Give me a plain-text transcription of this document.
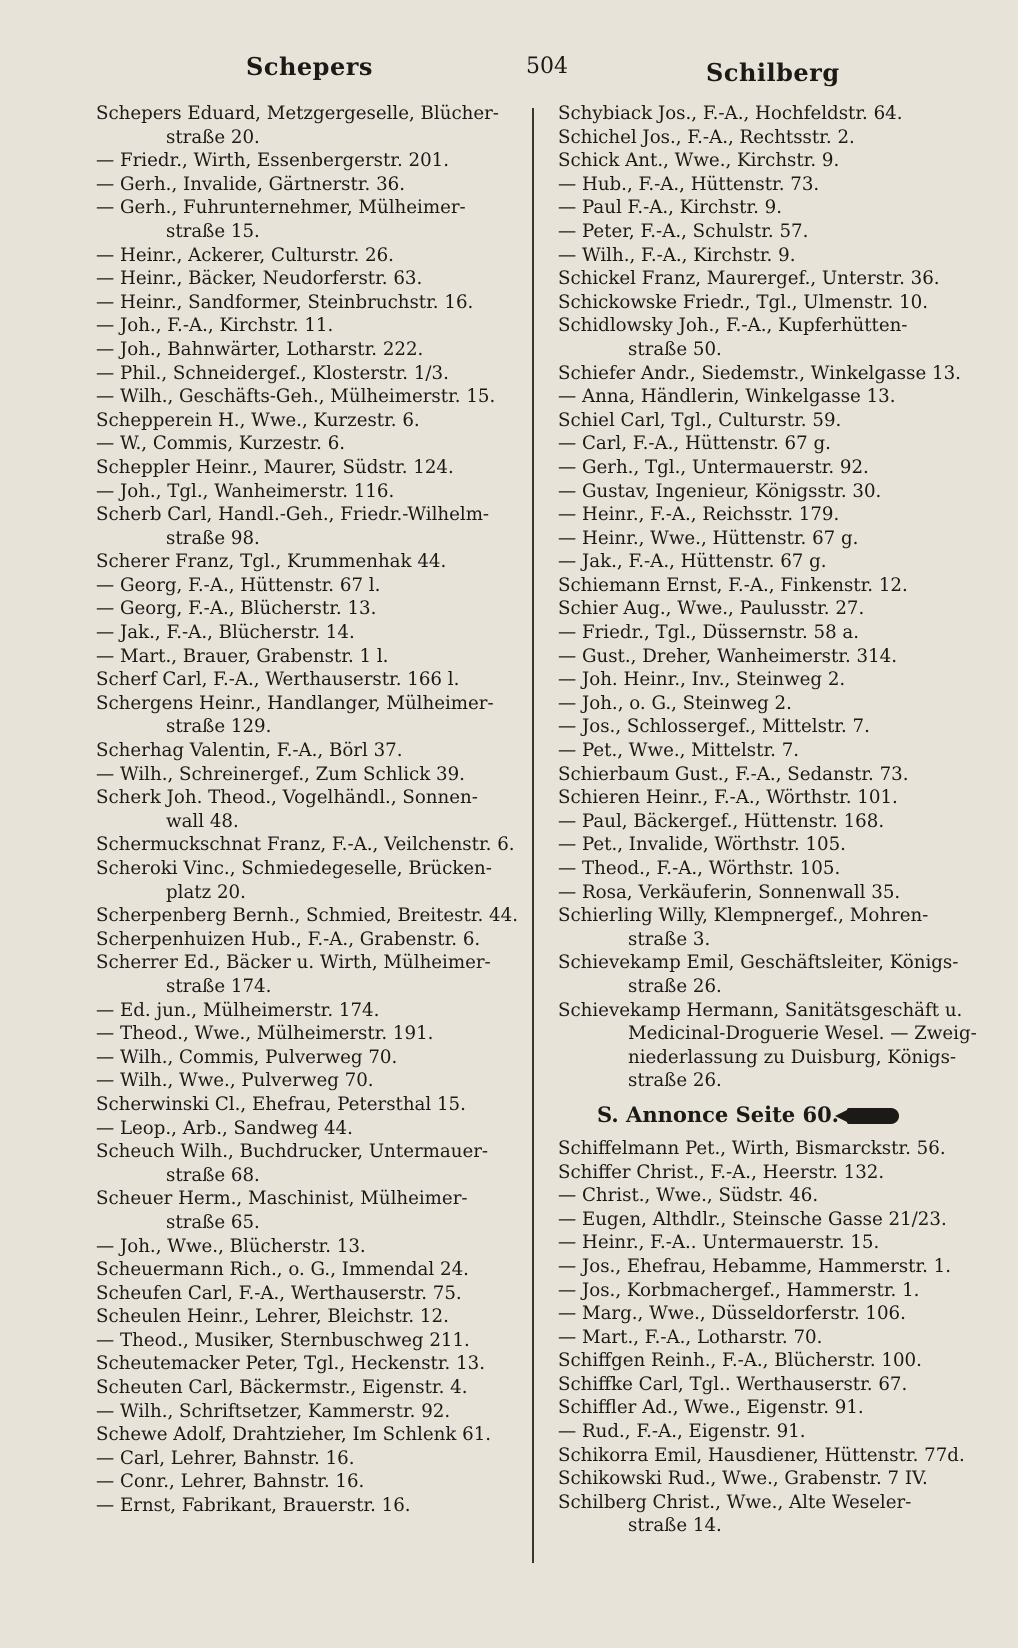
Schepers	504	Schilberg
Schepers Eduard, Metzgergeselle, Blücher-
straße 20.
— Friedr., Wirth, Essenbergerstr. 201.
— Gerh., Invalide, Gärtnerstr. 36.
— Gerh., Fuhrunternehmer, Mülheimer-
straße 15.
— Heinr., Ackerer, Culturstr. 26.
— Heinr., Bäcker, Neudorferstr. 63.
— Heinr., Sandformer, Steinbruchstr. 16.
— Joh., F.-A., Kirchstr. 11.
— Joh., Bahnwärter, Lotharstr. 222.
— Phil., Schneidergef., Klosterstr. 1/3.
— Wilh., Geschäfts-Geh., Mülheimerstr. 15.
Schepperein H., Wwe., Kurzestr. 6.
— W., Commis, Kurzestr. 6.
Scheppler Heinr., Maurer, Südstr. 124.
— Joh., Tgl., Wanheimerstr. 116.
Scherb Carl, Handl.-Geh., Friedr.-Wilhelm-
straße 98.
Scherer Franz, Tgl., Krummenhak 44.
— Georg, F.-A., Hüttenstr. 67 l.
— Georg, F.-A., Blücherstr. 13.
— Jak., F.-A., Blücherstr. 14.
— Mart., Brauer, Grabenstr. 1 l.
Scherf Carl, F.-A., Werthauserstr. 166 l.
Schergens Heinr., Handlanger, Mülheimer-
straße 129.
Scherhag Valentin, F.-A., Börl 37.
— Wilh., Schreinergef., Zum Schlick 39.
Scherk Joh. Theod., Vogelhändl., Sonnen-
wall 48.
Schermuckschnat Franz, F.-A., Veilchenstr. 6.
Scheroki Vinc., Schmiedegeselle, Brücken-
platz 20.
Scherpenberg Bernh., Schmied, Breitestr. 44.
Scherpenhuizen Hub., F.-A., Grabenstr. 6.
Scherrer Ed., Bäcker u. Wirth, Mülheimer-
straße 174.
— Ed. jun., Mülheimerstr. 174.
— Theod., Wwe., Mülheimerstr. 191.
— Wilh., Commis, Pulverweg 70.
— Wilh., Wwe., Pulverweg 70.
Scherwinski Cl., Ehefrau, Petersthal 15.
— Leop., Arb., Sandweg 44.
Scheuch Wilh., Buchdrucker, Untermauer-
straße 68.
Scheuer Herm., Maschinist, Mülheimer-
straße 65.
— Joh., Wwe., Blücherstr. 13.
Scheuermann Rich., o. G., Immendal 24.
Scheufen Carl, F.-A., Werthauserstr. 75.
Scheulen Heinr., Lehrer, Bleichstr. 12.
— Theod., Musiker, Sternbuschweg 211.
Scheutemacker Peter, Tgl., Heckenstr. 13.
Scheuten Carl, Bäckermstr., Eigenstr. 4.
— Wilh., Schriftsetzer, Kammerstr. 92.
Schewe Adolf, Drahtzieher, Im Schlenk 61.
— Carl, Lehrer, Bahnstr. 16.
— Conr., Lehrer, Bahnstr. 16.
— Ernst, Fabrikant, Brauerstr. 16.
Schybiack Jos., F.-A., Hochfeldstr. 64.
Schichel Jos., F.-A., Rechtsstr. 2.
Schick Ant., Wwe., Kirchstr. 9.
— Hub., F.-A., Hüttenstr. 73.
— Paul F.-A., Kirchstr. 9.
— Peter, F.-A., Schulstr. 57.
— Wilh., F.-A., Kirchstr. 9.
Schickel Franz, Maurergef., Unterstr. 36.
Schickowske Friedr., Tgl., Ulmenstr. 10.
Schidlowsky Joh., F.-A., Kupferhütten-
straße 50.
Schiefer Andr., Siedemstr., Winkelgasse 13.
— Anna, Händlerin, Winkelgasse 13.
Schiel Carl, Tgl., Culturstr. 59.
— Carl, F.-A., Hüttenstr. 67 g.
— Gerh., Tgl., Untermauerstr. 92.
— Gustav, Ingenieur, Königsstr. 30.
— Heinr., F.-A., Reichsstr. 179.
— Heinr., Wwe., Hüttenstr. 67 g.
— Jak., F.-A., Hüttenstr. 67 g.
Schiemann Ernst, F.-A., Finkenstr. 12.
Schier Aug., Wwe., Paulusstr. 27.
— Friedr., Tgl., Düssernstr. 58 a.
— Gust., Dreher, Wanheimerstr. 314.
— Joh. Heinr., Inv., Steinweg 2.
— Joh., o. G., Steinweg 2.
— Jos., Schlossergef., Mittelstr. 7.
— Pet., Wwe., Mittelstr. 7.
Schierbaum Gust., F.-A., Sedanstr. 73.
Schieren Heinr., F.-A., Wörthstr. 101.
— Paul, Bäckergef., Hüttenstr. 168.
— Pet., Invalide, Wörthstr. 105.
— Theod., F.-A., Wörthstr. 105.
— Rosa, Verkäuferin, Sonnenwall 35.
Schierling Willy, Klempnergef., Mohren-
straße 3.
Schievekamp Emil, Geschäftsleiter, Königs-
straße 26.
Schievekamp Hermann, Sanitätsgeschäft u.
Medicinal-Droguerie Wesel. — Zweig-
niederlassung zu Duisburg, Königs-
straße 26.
S. Annonce Seite 60.
Schiffelmann Pet., Wirth, Bismarckstr. 56.
Schiffer Christ., F.-A., Heerstr. 132.
— Christ., Wwe., Südstr. 46.
— Eugen, Althdlr., Steinsche Gasse 21/23.
— Heinr., F.-A.. Untermauerstr. 15.
— Jos., Ehefrau, Hebamme, Hammerstr. 1.
— Jos., Korbmachergef., Hammerstr. 1.
— Marg., Wwe., Düsseldorferstr. 106.
— Mart., F.-A., Lotharstr. 70.
Schiffgen Reinh., F.-A., Blücherstr. 100.
Schiffke Carl, Tgl.. Werthauserstr. 67.
Schiffler Ad., Wwe., Eigenstr. 91.
— Rud., F.-A., Eigenstr. 91.
Schikorra Emil, Hausdiener, Hüttenstr. 77d.
Schikowski Rud., Wwe., Grabenstr. 7 IV.
Schilberg Christ., Wwe., Alte Weseler-
straße 14.
